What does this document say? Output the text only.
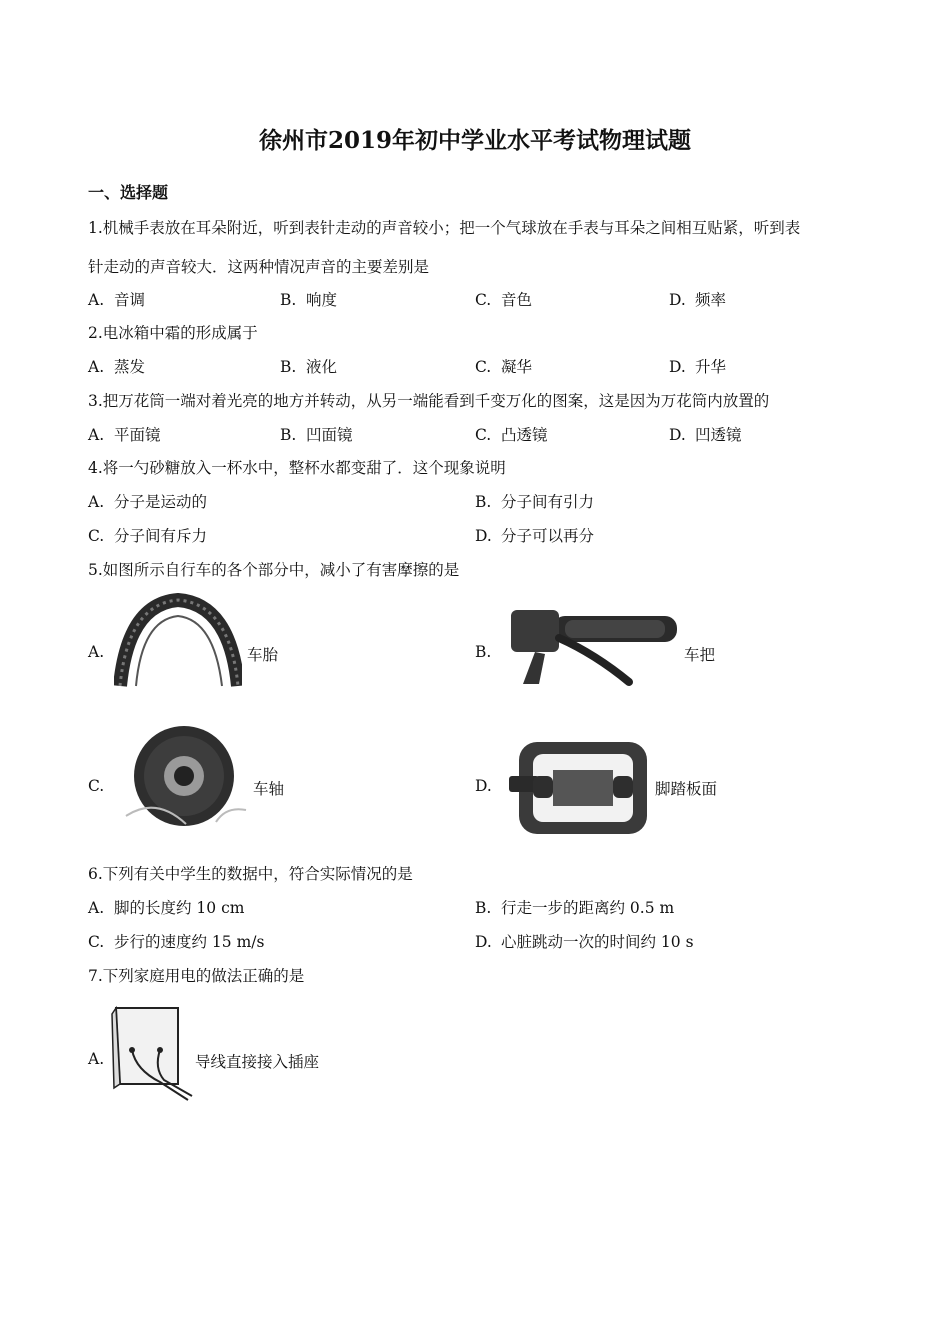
徐州市2019年初中学业水平考试物理试题
一、选择题
1.机械手表放在耳朵附近，听到表针走动的声音较小；把一个气球放在手表与耳朵之间相互贴紧，听到表
针走动的声音较大．这两种情况声音的主要差别是
A. 音调	B. 响度	C. 音色	D. 频率
2.电冰箱中霜的形成属于
A. 蒸发	B. 液化	C. 凝华	D. 升华
3.把万花筒一端对着光亮的地方并转动，从另一端能看到千变万化的图案，这是因为万花筒内放置的
A. 平面镜	B. 凹面镜	C. 凸透镜	D. 凹透镜
4.将一勺砂糖放入一杯水中，整杯水都变甜了．这个现象说明
A. 分子是运动的	B. 分子间有引力
C. 分子间有斥力	D. 分子可以再分
5.如图所示自行车的各个部分中，减小了有害摩擦的是
A.	车胎	B.	车把
C.	车轴	D.	脚踏板面
6.下列有关中学生的数据中，符合实际情况的是
A. 脚的长度约 10 cm	B. 行走一步的距离约 0.5 m
C. 步行的速度约 15 m/s	D. 心脏跳动一次的时间约 10 s
7.下列家庭用电的做法正确的是
A.	导线直接接入插座
